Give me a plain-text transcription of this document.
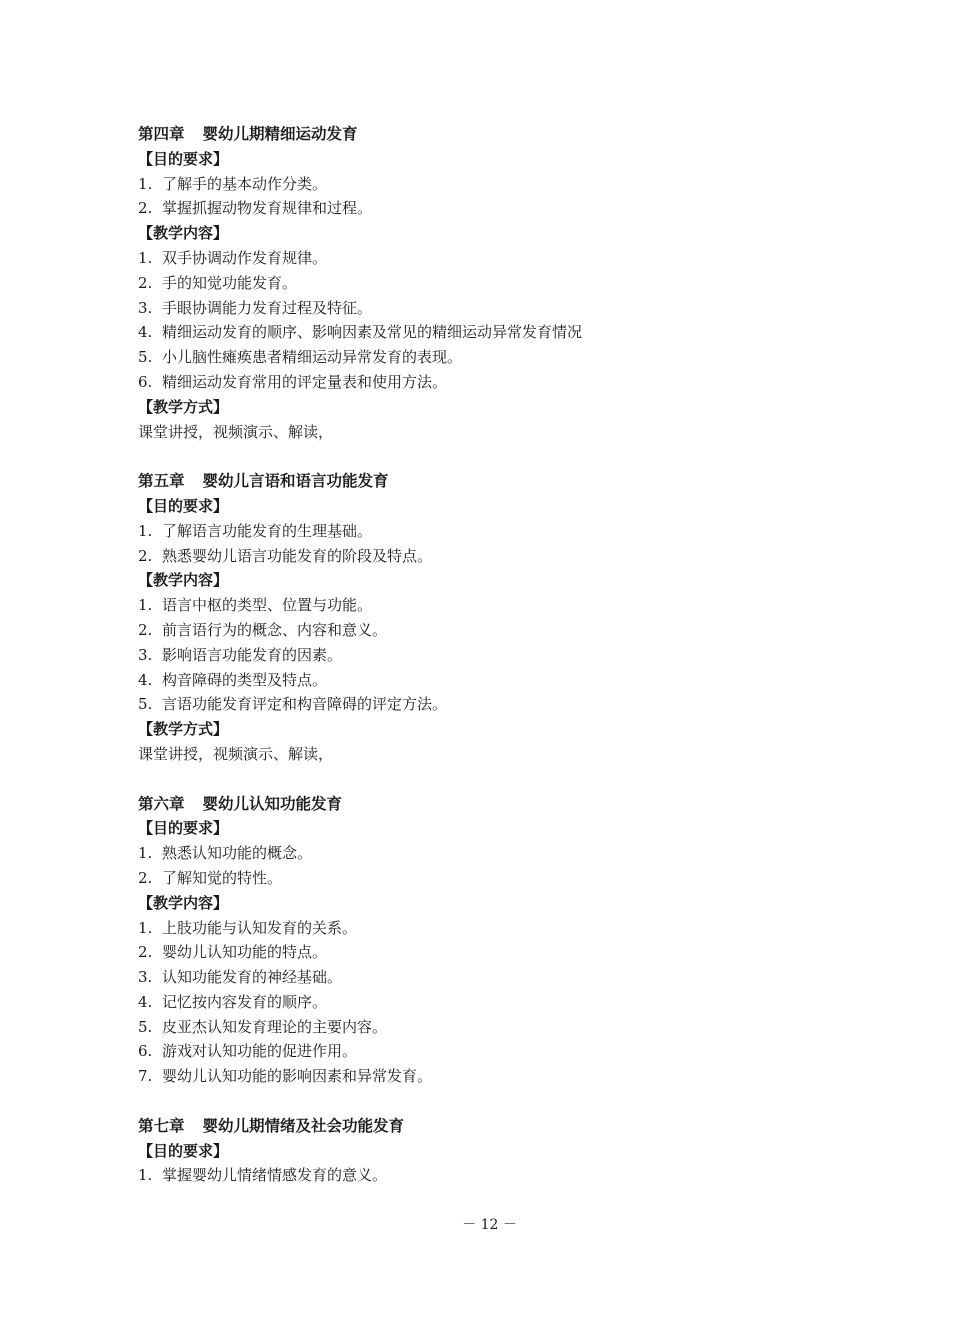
第四章 婴幼儿期精细运动发育
【目的要求】
1. 了解手的基本动作分类。
2. 掌握抓握动物发育规律和过程。
【教学内容】
1. 双手协调动作发育规律。
2. 手的知觉功能发育。
3. 手眼协调能力发育过程及特征。
4. 精细运动发育的顺序、影响因素及常见的精细运动异常发育情况
5. 小儿脑性瘫痪患者精细运动异常发育的表现。
6. 精细运动发育常用的评定量表和使用方法。
【教学方式】
课堂讲授，视频演示、解读，
第五章 婴幼儿言语和语言功能发育
【目的要求】
1. 了解语言功能发育的生理基础。
2. 熟悉婴幼儿语言功能发育的阶段及特点。
【教学内容】
1. 语言中枢的类型、位置与功能。
2. 前言语行为的概念、内容和意义。
3. 影响语言功能发育的因素。
4. 构音障碍的类型及特点。
5. 言语功能发育评定和构音障碍的评定方法。
【教学方式】
课堂讲授，视频演示、解读，
第六章 婴幼儿认知功能发育
【目的要求】
1. 熟悉认知功能的概念。
2. 了解知觉的特性。
【教学内容】
1. 上肢功能与认知发育的关系。
2. 婴幼儿认知功能的特点。
3. 认知功能发育的神经基础。
4. 记忆按内容发育的顺序。
5. 皮亚杰认知发育理论的主要内容。
6. 游戏对认知功能的促进作用。
7. 婴幼儿认知功能的影响因素和异常发育。
第七章 婴幼儿期情绪及社会功能发育
【目的要求】
1. 掌握婴幼儿情绪情感发育的意义。
－ 12 －
